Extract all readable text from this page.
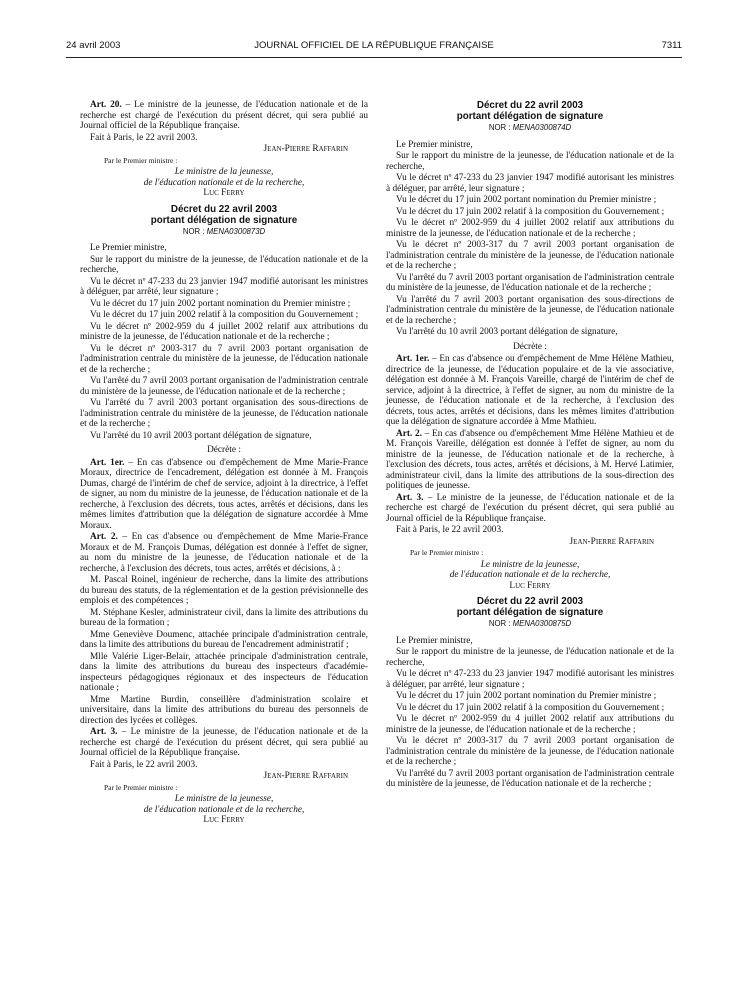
24 avril 2003	JOURNAL OFFICIEL DE LA RÉPUBLIQUE FRANÇAISE	7311

Art. 20. – Le ministre de la jeunesse, de l'éducation nationale et de la recherche est chargé de l'exécution du présent décret, qui sera publié au Journal officiel de la République française.

Fait à Paris, le 22 avril 2003.

Jean-Pierre Raffarin

Par le Premier ministre :

Le ministre de la jeunesse,

de l'éducation nationale et de la recherche,

Luc Ferry

Décret du 22 avril 2003

portant délégation de signature

NOR : MENA0300873D

Le Premier ministre,

Sur le rapport du ministre de la jeunesse, de l'éducation nationale et de la recherche,

Vu le décret nº 47-233 du 23 janvier 1947 modifié autorisant les ministres à déléguer, par arrêté, leur signature ;

Vu le décret du 17 juin 2002 portant nomination du Premier ministre ;

Vu le décret du 17 juin 2002 relatif à la composition du Gouvernement ;

Vu le décret nº 2002-959 du 4 juillet 2002 relatif aux attributions du ministre de la jeunesse, de l'éducation nationale et de la recherche ;

Vu le décret nº 2003-317 du 7 avril 2003 portant organisation de l'administration centrale du ministère de la jeunesse, de l'éducation nationale et de la recherche ;

Vu l'arrêté du 7 avril 2003 portant organisation de l'administration centrale du ministère de la jeunesse, de l'éducation nationale et de la recherche ;

Vu l'arrêté du 7 avril 2003 portant organisation des sous-directions de l'administration centrale du ministère de la jeunesse, de l'éducation nationale et de la recherche ;

Vu l'arrêté du 10 avril 2003 portant délégation de signature,

Décrète :

Art. 1er. – En cas d'absence ou d'empêchement de Mme Marie-France Moraux, directrice de l'encadrement, délégation est donnée à M. François Dumas, chargé de l'intérim de chef de service, adjoint à la directrice, à l'effet de signer, au nom du ministre de la jeunesse, de l'éducation nationale et de la recherche, à l'exclusion des décrets, tous actes, arrêtés et décisions, dans les mêmes limites d'attribution que la délégation de signature accordée à Mme Moraux.

Art. 2. – En cas d'absence ou d'empêchement de Mme Marie-France Moraux et de M. François Dumas, délégation est donnée à l'effet de signer, au nom du ministre de la jeunesse, de l'éducation nationale et de la recherche, à l'exclusion des décrets, tous actes, arrêtés et décisions, à :

M. Pascal Roinel, ingénieur de recherche, dans la limite des attributions du bureau des statuts, de la réglementation et de la gestion prévisionnelle des emplois et des compétences ;

M. Stéphane Kesler, administrateur civil, dans la limite des attributions du bureau de la formation ;

Mme Geneviève Doumenc, attachée principale d'administration centrale, dans la limite des attributions du bureau de l'encadrement administratif ;

Mlle Valérie Liger-Belair, attachée principale d'administration centrale, dans la limite des attributions du bureau des inspecteurs d'académie-inspecteurs pédagogiques régionaux et des inspecteurs de l'éducation nationale ;

Mme Martine Burdin, conseillère d'administration scolaire et universitaire, dans la limite des attributions du bureau des personnels de direction des lycées et collèges.

Art. 3. – Le ministre de la jeunesse, de l'éducation nationale et de la recherche est chargé de l'exécution du présent décret, qui sera publié au Journal officiel de la République française.

Fait à Paris, le 22 avril 2003.

Jean-Pierre Raffarin

Par le Premier ministre :

Le ministre de la jeunesse,

de l'éducation nationale et de la recherche,

Luc Ferry

Décret du 22 avril 2003

portant délégation de signature

NOR : MENA0300874D

Le Premier ministre,

Sur le rapport du ministre de la jeunesse, de l'éducation nationale et de la recherche,

Vu le décret nº 47-233 du 23 janvier 1947 modifié autorisant les ministres à déléguer, par arrêté, leur signature ;

Vu le décret du 17 juin 2002 portant nomination du Premier ministre ;

Vu le décret du 17 juin 2002 relatif à la composition du Gouvernement ;

Vu le décret nº 2002-959 du 4 juillet 2002 relatif aux attributions du ministre de la jeunesse, de l'éducation nationale et de la recherche ;

Vu le décret nº 2003-317 du 7 avril 2003 portant organisation de l'administration centrale du ministère de la jeunesse, de l'éducation nationale et de la recherche ;

Vu l'arrêté du 7 avril 2003 portant organisation de l'administration centrale du ministère de la jeunesse, de l'éducation nationale et de la recherche ;

Vu l'arrêté du 7 avril 2003 portant organisation des sous-directions de l'administration centrale du ministère de la jeunesse, de l'éducation nationale et de la recherche ;

Vu l'arrêté du 10 avril 2003 portant délégation de signature,

Décrète :

Art. 1er. – En cas d'absence ou d'empêchement de Mme Hélène Mathieu, directrice de la jeunesse, de l'éducation populaire et de la vie associative, délégation est donnée à M. François Vareille, chargé de l'intérim de chef de service, adjoint à la directrice, à l'effet de signer, au nom du ministre de la jeunesse, de l'éducation nationale et de la recherche, à l'exclusion des décrets, tous actes, arrêtés et décisions, dans les mêmes limites d'attribution que la délégation de signature accordée à Mme Mathieu.

Art. 2. – En cas d'absence ou d'empêchement Mme Hélène Mathieu et de M. François Vareille, délégation est donnée à l'effet de signer, au nom du ministre de la jeunesse, de l'éducation nationale et de la recherche, à l'exclusion des décrets, tous actes, arrêtés et décisions, à M. Hervé Latimier, administrateur civil, dans la limite des attributions de la sous-direction des politiques de jeunesse.

Art. 3. – Le ministre de la jeunesse, de l'éducation nationale et de la recherche est chargé de l'exécution du présent décret, qui sera publié au Journal officiel de la République française.

Fait à Paris, le 22 avril 2003.

Jean-Pierre Raffarin

Par le Premier ministre :

Le ministre de la jeunesse,

de l'éducation nationale et de la recherche,

Luc Ferry

Décret du 22 avril 2003

portant délégation de signature

NOR : MENA0300875D

Le Premier ministre,

Sur le rapport du ministre de la jeunesse, de l'éducation nationale et de la recherche,

Vu le décret nº 47-233 du 23 janvier 1947 modifié autorisant les ministres à déléguer, par arrêté, leur signature ;

Vu le décret du 17 juin 2002 portant nomination du Premier ministre ;

Vu le décret du 17 juin 2002 relatif à la composition du Gouvernement ;

Vu le décret nº 2002-959 du 4 juillet 2002 relatif aux attributions du ministre de la jeunesse, de l'éducation nationale et de la recherche ;

Vu le décret nº 2003-317 du 7 avril 2003 portant organisation de l'administration centrale du ministère de la jeunesse, de l'éducation nationale et de la recherche ;

Vu l'arrêté du 7 avril 2003 portant organisation de l'administration centrale du ministère de la jeunesse, de l'éducation nationale et de la recherche ;
